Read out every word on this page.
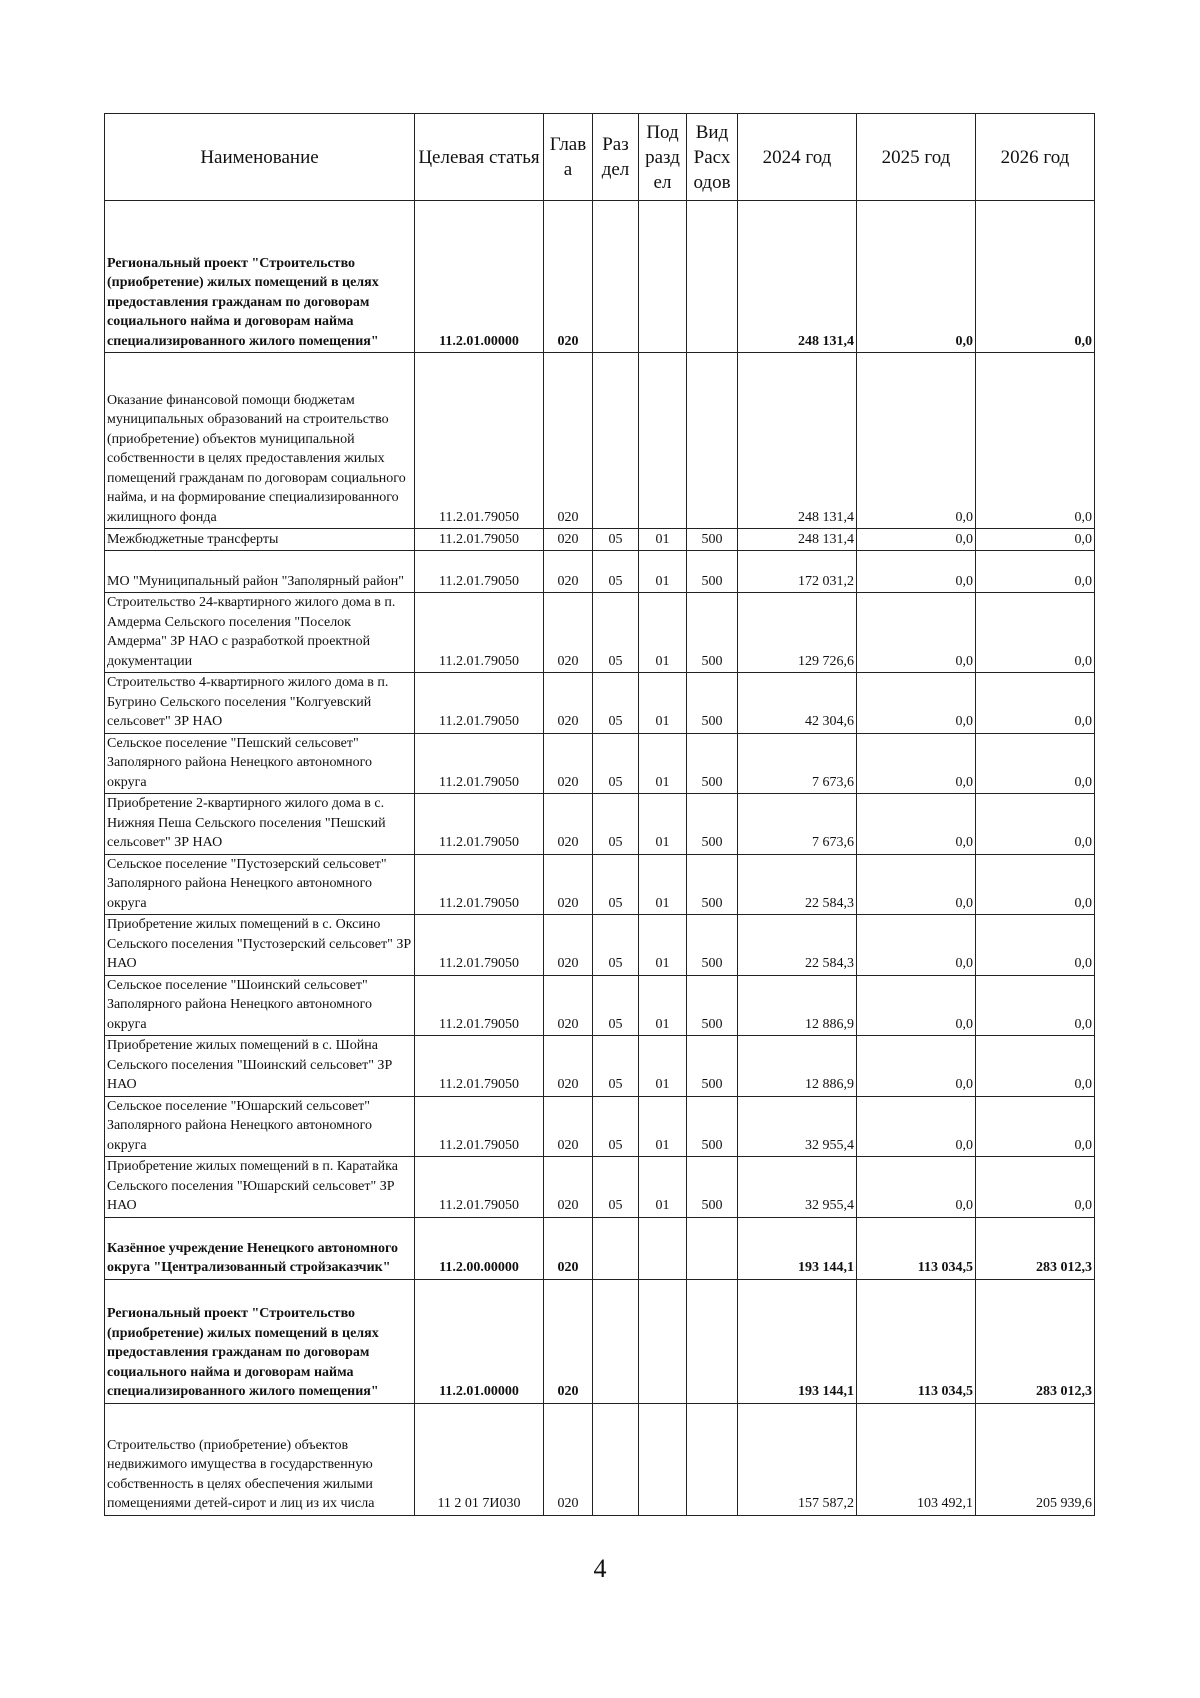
Наименование	Целевая статья	Глав а	Раз дел	Под разд ел	Вид Расх одов	2024 год	2025 год	2026 год
Региональный проект "Строительство (приобретение) жилых помещений в целях предоставления гражданам по договорам социального найма и договорам найма специализированного жилого помещения"	11.2.01.00000	020				248 131,4	0,0	0,0
Оказание финансовой помощи бюджетам муниципальных образований на строительство (приобретение) объектов муниципальной собственности в целях предоставления жилых помещений гражданам по договорам социального найма, и на формирование специализированного жилищного фонда	11.2.01.79050	020				248 131,4	0,0	0,0
Межбюджетные трансферты	11.2.01.79050	020	05	01	500	248 131,4	0,0	0,0
МО "Муниципальный район "Заполярный район"	11.2.01.79050	020	05	01	500	172 031,2	0,0	0,0
Строительство 24-квартирного жилого дома в п. Амдерма Сельского поселения "Поселок Амдерма" ЗР НАО с разработкой проектной документации	11.2.01.79050	020	05	01	500	129 726,6	0,0	0,0
Строительство 4-квартирного жилого дома в п. Бугрино Сельского поселения "Колгуевский сельсовет" ЗР НАО	11.2.01.79050	020	05	01	500	42 304,6	0,0	0,0
Сельское поселение "Пешский сельсовет" Заполярного района Ненецкого автономного округа	11.2.01.79050	020	05	01	500	7 673,6	0,0	0,0
Приобретение 2-квартирного жилого дома в с. Нижняя Пеша Сельского поселения "Пешский сельсовет" ЗР НАО	11.2.01.79050	020	05	01	500	7 673,6	0,0	0,0
Сельское поселение "Пустозерский сельсовет" Заполярного района Ненецкого автономного округа	11.2.01.79050	020	05	01	500	22 584,3	0,0	0,0
Приобретение жилых помещений в с. Оксино Сельского поселения "Пустозерский сельсовет" ЗР НАО	11.2.01.79050	020	05	01	500	22 584,3	0,0	0,0
Сельское поселение "Шоинский сельсовет" Заполярного района Ненецкого автономного округа	11.2.01.79050	020	05	01	500	12 886,9	0,0	0,0
Приобретение жилых помещений в с. Шойна Сельского поселения "Шоинский сельсовет" ЗР НАО	11.2.01.79050	020	05	01	500	12 886,9	0,0	0,0
Сельское поселение "Юшарский сельсовет" Заполярного района Ненецкого автономного округа	11.2.01.79050	020	05	01	500	32 955,4	0,0	0,0
Приобретение жилых помещений в п. Каратайка Сельского поселения "Юшарский сельсовет" ЗР НАО	11.2.01.79050	020	05	01	500	32 955,4	0,0	0,0
Казённое учреждение Ненецкого автономного округа "Централизованный стройзаказчик"	11.2.00.00000	020				193 144,1	113 034,5	283 012,3
Региональный проект "Строительство (приобретение) жилых помещений в целях предоставления гражданам по договорам социального найма и договорам найма специализированного жилого помещения"	11.2.01.00000	020				193 144,1	113 034,5	283 012,3
Строительство (приобретение) объектов недвижимого имущества в государственную собственность в целях обеспечения жилыми помещениями детей-сирот и лиц из их числа	11 2 01 7И030	020				157 587,2	103 492,1	205 939,6
4
